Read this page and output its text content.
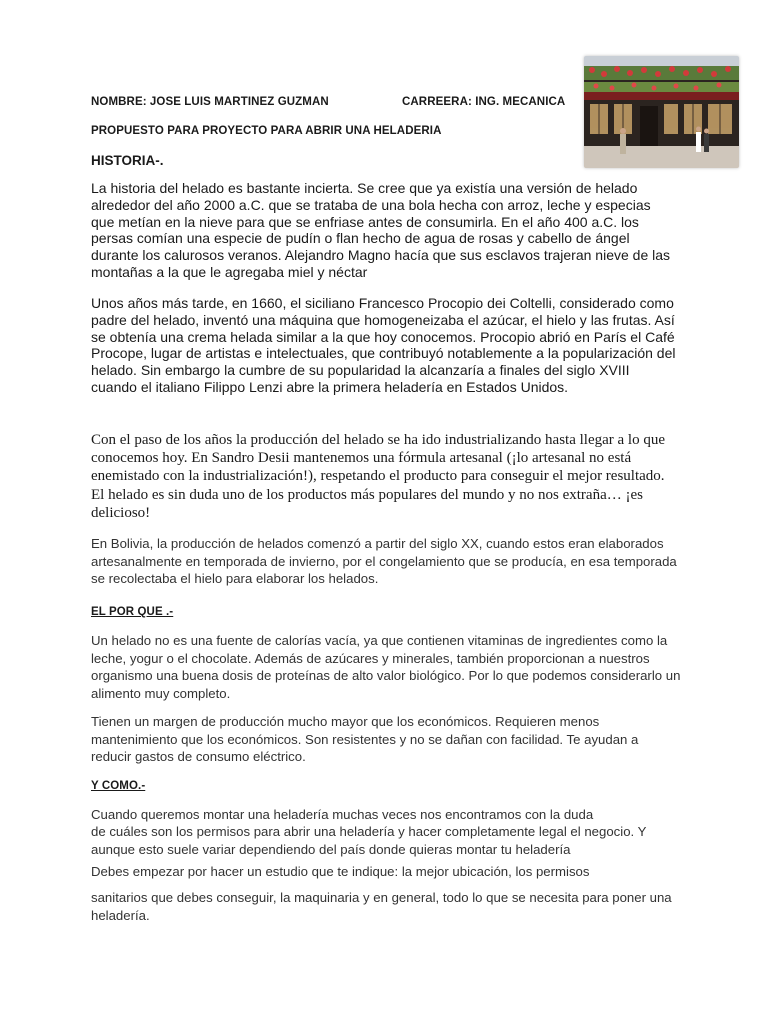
NOMBRE: JOSE LUIS MARTINEZ GUZMAN	CARREERA: ING. MECANICA
PROPUESTO PARA PROYECTO PARA ABRIR UNA HELADERIA
HISTORIA-.
La historia del helado es bastante incierta. Se cree que ya existía una versión de helado alrededor del año 2000 a.C. que se trataba de una bola hecha con arroz, leche y especias que metían en la nieve para que se enfriase antes de consumirla. En el año 400 a.C. los persas comían una especie de pudín o flan hecho de agua de rosas y cabello de ángel durante los calurosos veranos. Alejandro Magno hacía que sus esclavos trajeran nieve de las montañas a la que le agregaba miel y néctar
Unos años más tarde, en 1660, el siciliano Francesco Procopio dei Coltelli, considerado como padre del helado, inventó una máquina que homogeneizaba el azúcar, el hielo y las frutas. Así se obtenía una crema helada similar a la que hoy conocemos. Procopio abrió en París el Café Procope, lugar de artistas e intelectuales, que contribuyó notablemente a la popularización del helado. Sin embargo la cumbre de su popularidad la alcanzaría a finales del siglo XVIII cuando el italiano Filippo Lenzi abre la primera heladería en Estados Unidos.
Con el paso de los años la producción del helado se ha ido industrializando hasta llegar a lo que conocemos hoy. En Sandro Desii mantenemos una fórmula artesanal (¡lo artesanal no está enemistado con la industrialización!), respetando el producto para conseguir el mejor resultado. El helado es sin duda uno de los productos más populares del mundo y no nos extraña… ¡es delicioso!
En Bolivia, la producción de helados comenzó a partir del siglo XX, cuando estos eran elaborados artesanalmente en temporada de invierno, por el congelamiento que se producía, en esa temporada se recolectaba el hielo para elaborar los helados.
EL POR QUE .-
Un helado no es una fuente de calorías vacía, ya que contienen vitaminas de ingredientes como la leche, yogur o el chocolate. Además de azúcares y minerales, también proporcionan a nuestros organismo una buena dosis de proteínas de alto valor biológico. Por lo que podemos considerarlo un alimento muy completo.
Tienen un margen de producción mucho mayor que los económicos. Requieren menos mantenimiento que los económicos. Son resistentes y no se dañan con facilidad. Te ayudan a reducir gastos de consumo eléctrico.
Y COMO.-
Cuando queremos montar una heladería muchas veces nos encontramos con la duda
de cuáles son los permisos para abrir una heladería y hacer completamente legal el negocio. Y aunque esto suele variar dependiendo del país donde quieras montar tu heladería
Debes empezar por hacer un estudio que te indique: la mejor ubicación, los permisos
sanitarios que debes conseguir, la maquinaria y en general, todo lo que se necesita para poner una heladería.
